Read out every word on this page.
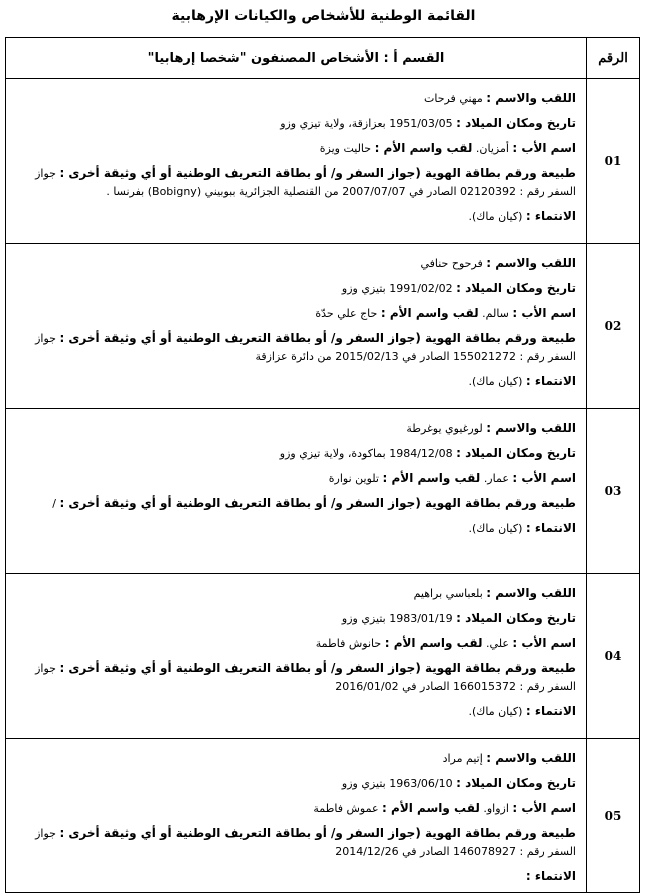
القائمة الوطنية للأشخاص والكيانات الإرهابية
الرقم	القسم أ : الأشخاص المصنفون "شخصا إرهابيا"
01	اللقب والاسم : مهني فرحات
تاريخ ومكان الميلاد : 1951/03/05 بعزازقة، ولاية تيزي وزو
اسم الأب : أمزيان. لقب واسم الأم : حاليت ويزة
طبيعة ورقم بطاقة الهوية (جواز السفر و/ أو بطاقة التعريف الوطنية أو أي وثيقة أخرى : جواز السفر رقم : 02120392 الصادر في 2007/07/07 من القنصلية الجزائرية ببوبيني (Bobigny) بفرنسا .
الانتماء : (كيان ماك).

02	اللقب والاسم : فرحوح حنافي
تاريخ ومكان الميلاد : 1991/02/02 بتيزي وزو
اسم الأب : سالم. لقب واسم الأم : حاج علي حدّة
طبيعة ورقم بطاقة الهوية (جواز السفر و/ أو بطاقة التعريف الوطنية أو أي وثيقة أخرى : جواز السفر رقم : 155021272 الصادر في 2015/02/13 من دائرة عزازقة
الانتماء : (كيان ماك).

03	اللقب والاسم : لورغيوي يوغرطة
تاريخ ومكان الميلاد : 1984/12/08 بماكودة، ولاية تيزي وزو
اسم الأب : عمار. لقب واسم الأم : تلوين نوارة
طبيعة ورقم بطاقة الهوية (جواز السفر و/ أو بطاقة التعريف الوطنية أو أي وثيقة أخرى : /
الانتماء : (كيان ماك).

04	اللقب والاسم : بلعباسي براهيم
تاريخ ومكان الميلاد : 1983/01/19 بتيزي وزو
اسم الأب : علي. لقب واسم الأم : حانوش فاطمة
طبيعة ورقم بطاقة الهوية (جواز السفر و/ أو بطاقة التعريف الوطنية أو أي وثيقة أخرى : جواز السفر رقم : 166015372 الصادر في 2016/01/02
الانتماء : (كيان ماك).

05	اللقب والاسم : إتيم مراد
تاريخ ومكان الميلاد : 1963/06/10 بتيزي وزو
اسم الأب : ازواو. لقب واسم الأم : عموش فاطمة
طبيعة ورقم بطاقة الهوية (جواز السفر و/ أو بطاقة التعريف الوطنية أو أي وثيقة أخرى : جواز السفر رقم : 146078927 الصادر في 2014/12/26
الانتماء :
